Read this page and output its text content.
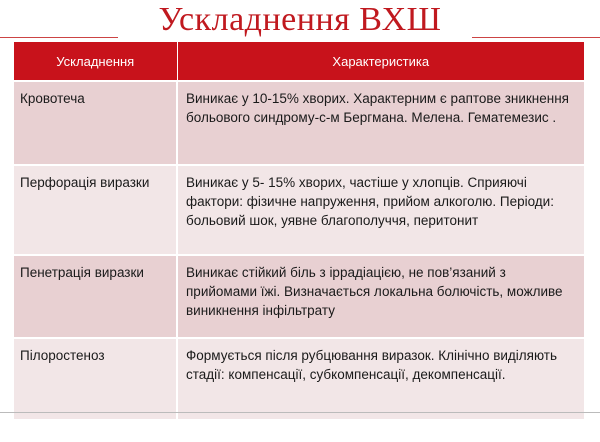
Ускладнення ВХШ
Ускладнення	Характеристика
Кровотеча	Виникає у 10-15% хворих. Характерним є раптове зникнення больового синдрому-с-м Бергмана. Мелена. Гематемезис .
Перфорація виразки	Виникає у 5- 15% хворих, частіше у хлопців. Сприяючі фактори: фізичне напруження, прийом алкоголю. Періоди: больовий шок, уявне благополуччя, перитонит
Пенетрація виразки	Виникає стійкий біль з іррадіацією, не пов’язаний з прийомами їжі. Визначається локальна болючість, можливе виникнення інфільтрату
Пілоростеноз	Формується після рубцювання виразок. Клінічно виділяють стадії: компенсації, субкомпенсації, декомпенсації.
